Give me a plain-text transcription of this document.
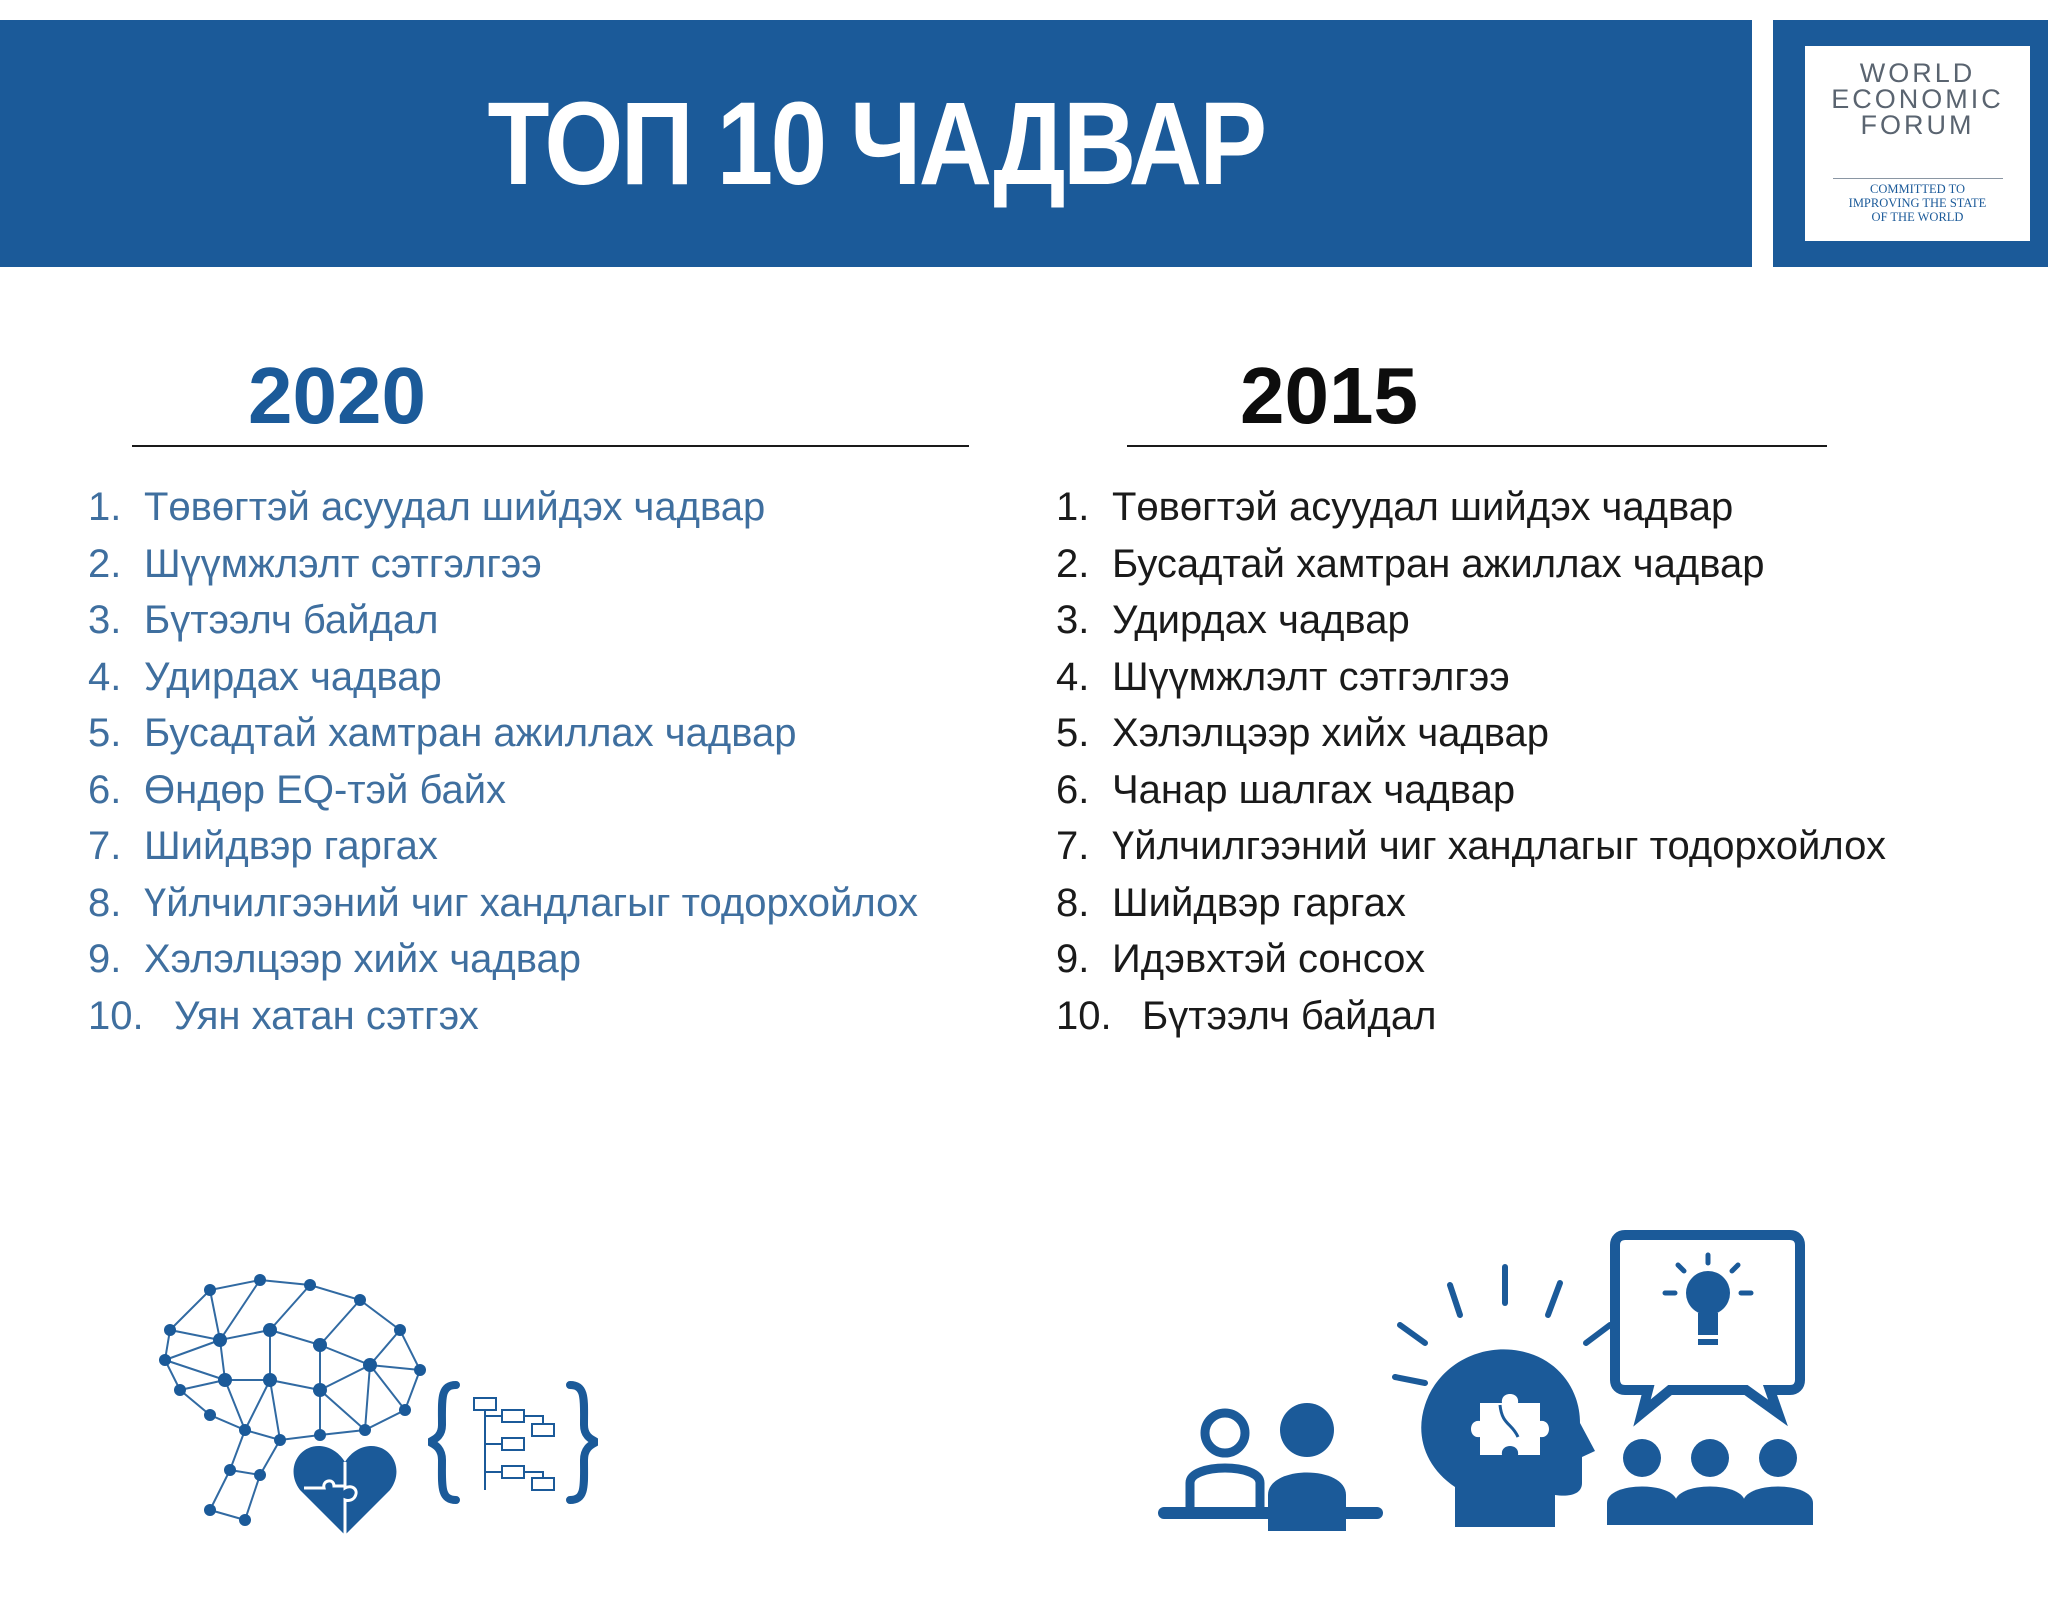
ТОП 10 ЧАДВАР
WORLD
ECONOMIC
FORUM
COMMITTED TO
IMPROVING THE STATE
OF THE WORLD
2020	2015
1. Төвөгтэй асуудал шийдэх чадвар
2. Шүүмжлэлт сэтгэлгээ
3. Бүтээлч байдал
4. Удирдах чадвар
5. Бусадтай хамтран ажиллах чадвар
6. Өндөр EQ-тэй байх
7. Шийдвэр гаргах
8. Үйлчилгээний чиг хандлагыг тодорхойлох
9. Хэлэлцээр хийх чадвар
10. Уян хатан сэтгэх
1. Төвөгтэй асуудал шийдэх чадвар
2. Бусадтай хамтран ажиллах чадвар
3. Удирдах чадвар
4. Шүүмжлэлт сэтгэлгээ
5. Хэлэлцээр хийх чадвар
6. Чанар шалгах чадвар
7. Үйлчилгээний чиг хандлагыг тодорхойлох
8. Шийдвэр гаргах
9. Идэвхтэй сонсох
10. Бүтээлч байдал
